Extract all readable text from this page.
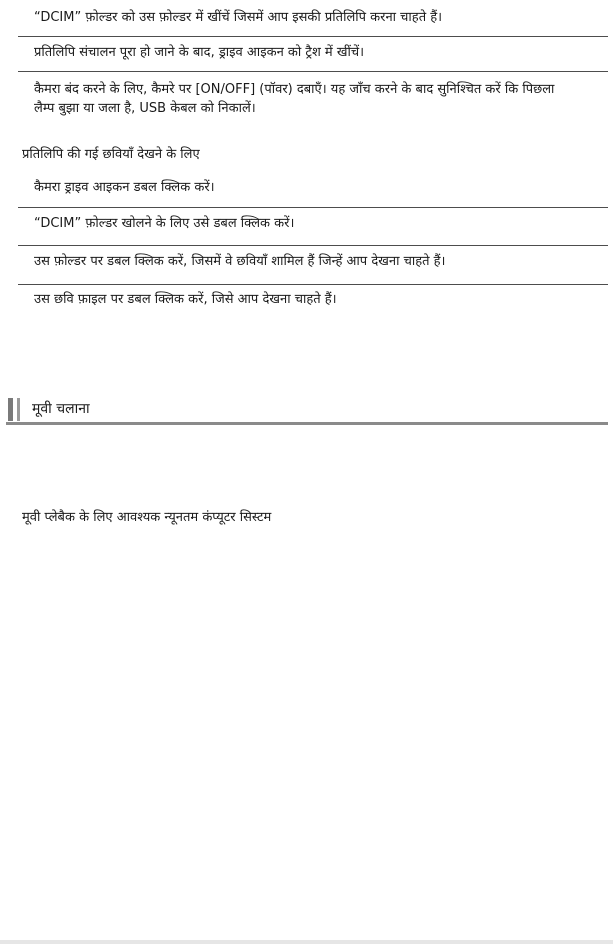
“DCIM” फ़ोल्डर को उस फ़ोल्डर में खींचें जिसमें आप इसकी प्रतिलिपि करना चाहते हैं।
प्रतिलिपि संचालन पूरा हो जाने के बाद, ड्राइव आइकन को ट्रैश में खींचें।
कैमरा बंद करने के लिए, कैमरे पर [ON/OFF] (पॉवर) दबाएँ। यह जाँच करने के बाद सुनिश्चित करें कि पिछला लैम्प बुझा या जला है, USB केबल को निकालें।
प्रतिलिपि की गई छवियाँ देखने के लिए
कैमरा ड्राइव आइकन डबल क्लिक करें।
“DCIM” फ़ोल्डर खोलने के लिए उसे डबल क्लिक करें।
उस फ़ोल्डर पर डबल क्लिक करें, जिसमें वे छवियाँ शामिल हैं जिन्हें आप देखना चाहते हैं।
उस छवि फ़ाइल पर डबल क्लिक करें, जिसे आप देखना चाहते हैं।
मूवी चलाना
मूवी प्लेबैक के लिए आवश्यक न्यूनतम कंप्यूटर सिस्टम
